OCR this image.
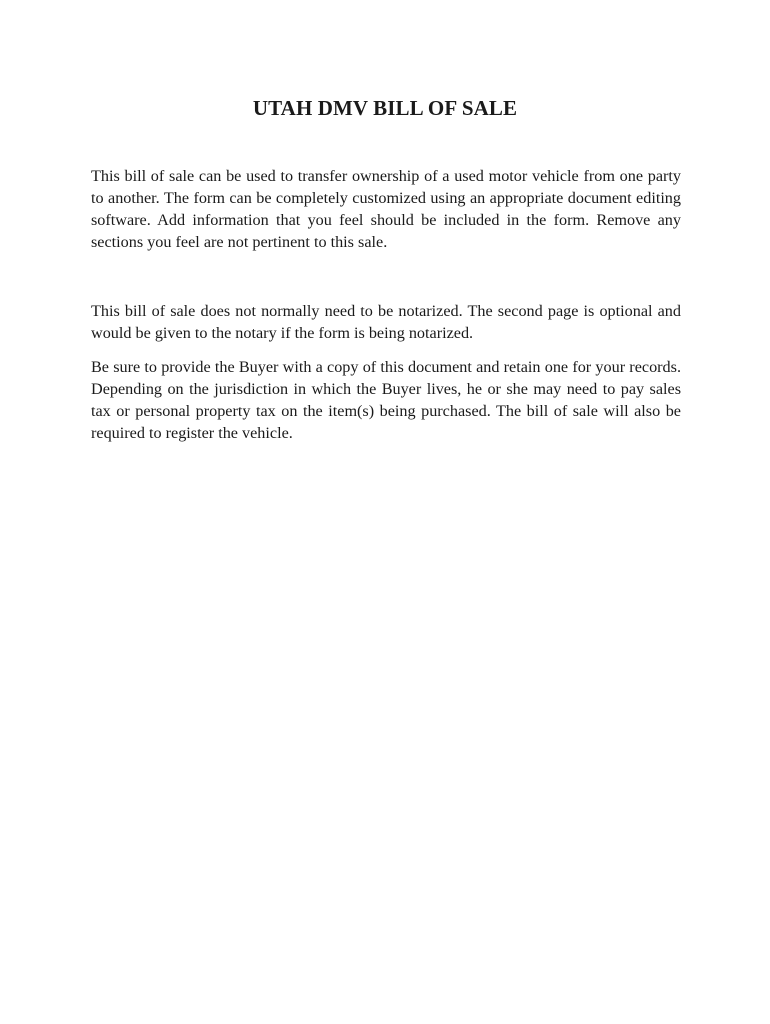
UTAH DMV BILL OF SALE

This bill of sale can be used to transfer ownership of a used motor vehicle from one party to another. The form can be completely customized using an appropriate document editing software. Add information that you feel should be included in the form. Remove any sections you feel are not pertinent to this sale.

This bill of sale does not normally need to be notarized. The second page is optional and would be given to the notary if the form is being notarized.

Be sure to provide the Buyer with a copy of this document and retain one for your records. Depending on the jurisdiction in which the Buyer lives, he or she may need to pay sales tax or personal property tax on the item(s) being purchased. The bill of sale will also be required to register the vehicle.
